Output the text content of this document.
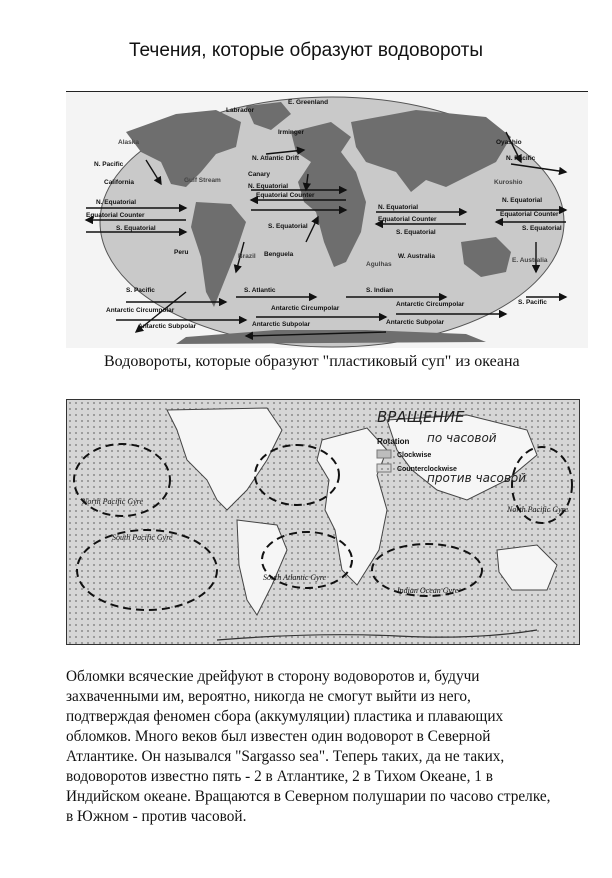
Течения, которые образуют водовороты
E. Greenland
Labrador
Irminger
Alaska	Oyashio
N. Pacific
N. Pacific
N. Atlantic Drift
Canary
Gulf Stream	Kuroshio
California
N. Equatorial
N. Equatorial
N. Equatorial
N. Equatorial
Equatorial Counter
Equatorial Counter
Equatorial Counter
Equatorial Counter
S. Equatorial	S. Equatorial
S. Equatorial
S. Equatorial
Peru
Brazil Benguela
Agulhas
W. Australia
E. Australia
S. Pacific
S. Pacific
S. Atlantic	S. Indian
Antarctic Circumpolar	Antarctic Circumpolar
Antarctic Circumpolar
Antarctic Subpolar	Antarctic Subpolar	Antarctic Subpolar
Водовороты, которые образуют "пластиковый суп" из океана
ВРАЩЕНИЕ
Rotation
Clockwise
Counterclockwise
по часовой
против часовой
North Pacific Gyre
North Pacific Gyre
South Pacific Gyre
South Atlantic Gyre
Indian Ocean Gyre
Обломки всяческие дрейфуют в сторону водоворотов и, будучи захваченными им, вероятно, никогда не смогут выйти из него, подтверждая феномен сбора (аккумуляции) пластика и плавающих обломков. Много веков был известен один водоворот в Северной Атлантике. Он назывался "Sargasso sea". Теперь таких, да не таких, водоворотов известно пять - 2 в Атлантике, 2 в Тихом Океане, 1 в Индийском океане. Вращаются в Северном полушарии по часово стрелке, в Южном - против часовой.
